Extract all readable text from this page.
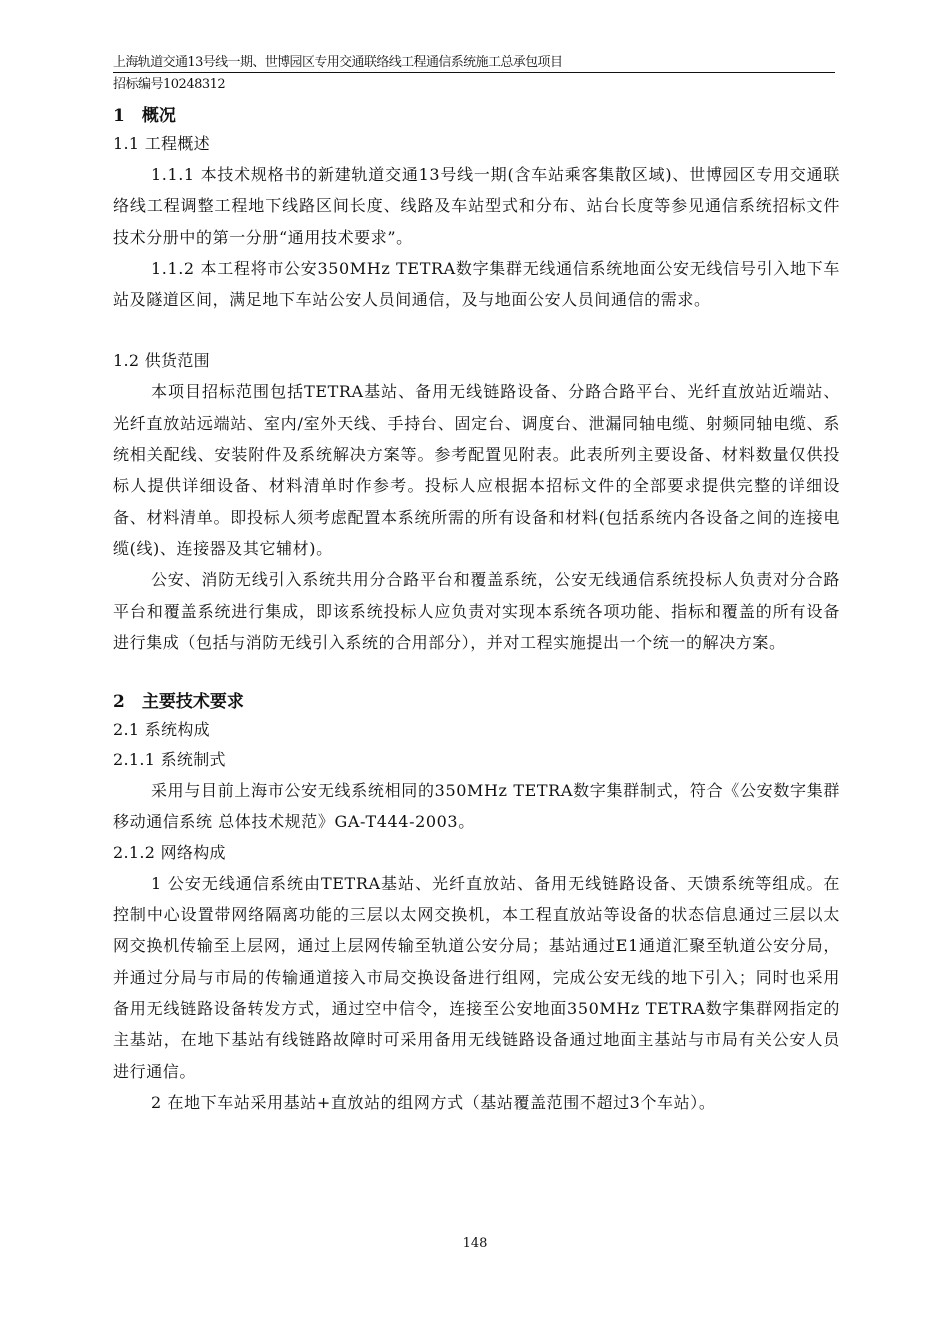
上海轨道交通13号线一期、世博园区专用交通联络线工程通信系统施工总承包项目
招标编号10248312
1　概况
1.1 工程概述

1.1.1 本技术规格书的新建轨道交通13号线一期(含车站乘客集散区域)、世博园区专用交通联络线工程调整工程地下线路区间长度、线路及车站型式和分布、站台长度等参见通信系统招标文件技术分册中的第一分册“通用技术要求”。

1.1.2 本工程将市公安350MHz TETRA数字集群无线通信系统地面公安无线信号引入地下车站及隧道区间，满足地下车站公安人员间通信，及与地面公安人员间通信的需求。

1.2 供货范围

本项目招标范围包括TETRA基站、备用无线链路设备、分路合路平台、光纤直放站近端站、光纤直放站远端站、室内/室外天线、手持台、固定台、调度台、泄漏同轴电缆、射频同轴电缆、系统相关配线、安装附件及系统解决方案等。参考配置见附表。此表所列主要设备、材料数量仅供投标人提供详细设备、材料清单时作参考。投标人应根据本招标文件的全部要求提供完整的详细设备、材料清单。即投标人须考虑配置本系统所需的所有设备和材料(包括系统内各设备之间的连接电缆(线)、连接器及其它辅材)。

公安、消防无线引入系统共用分合路平台和覆盖系统，公安无线通信系统投标人负责对分合路平台和覆盖系统进行集成，即该系统投标人应负责对实现本系统各项功能、指标和覆盖的所有设备进行集成（包括与消防无线引入系统的合用部分），并对工程实施提出一个统一的解决方案。

2　主要技术要求
2.1 系统构成
2.1.1 系统制式

采用与目前上海市公安无线系统相同的350MHz TETRA数字集群制式，符合《公安数字集群移动通信系统 总体技术规范》GA-T444-2003。

2.1.2 网络构成

1 公安无线通信系统由TETRA基站、光纤直放站、备用无线链路设备、天馈系统等组成。在控制中心设置带网络隔离功能的三层以太网交换机，本工程直放站等设备的状态信息通过三层以太网交换机传输至上层网，通过上层网传输至轨道公安分局；基站通过E1通道汇聚至轨道公安分局，并通过分局与市局的传输通道接入市局交换设备进行组网，完成公安无线的地下引入；同时也采用备用无线链路设备转发方式，通过空中信令，连接至公安地面350MHz TETRA数字集群网指定的主基站，在地下基站有线链路故障时可采用备用无线链路设备通过地面主基站与市局有关公安人员进行通信。

2 在地下车站采用基站+直放站的组网方式（基站覆盖范围不超过3个车站）。

148
